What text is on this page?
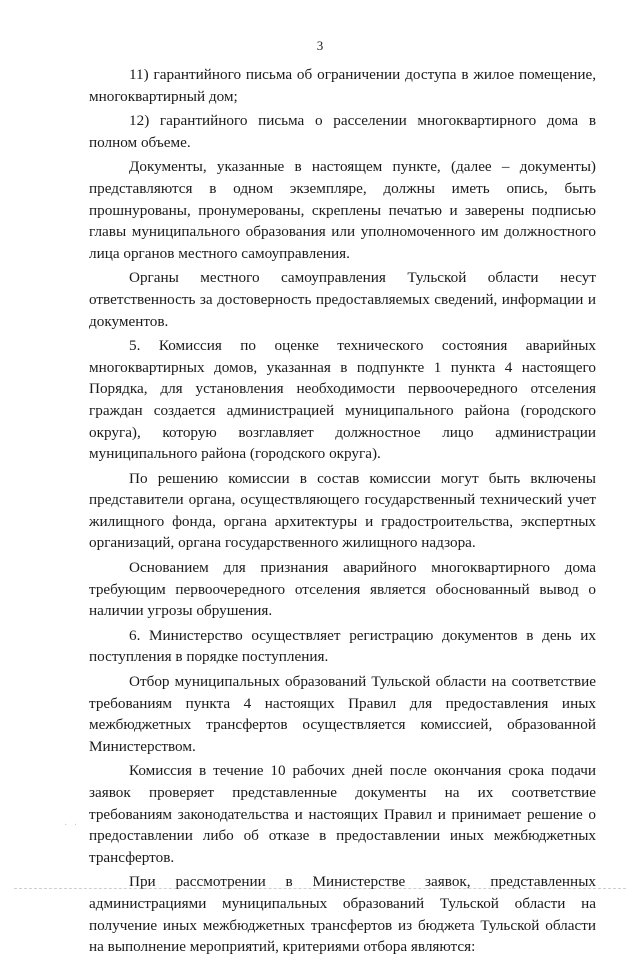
3

11) гарантийного письма об ограничении доступа в жилое помещение, многоквартирный дом;

12) гарантийного письма о расселении многоквартирного дома в полном объеме.

Документы, указанные в настоящем пункте, (далее – документы) представляются в одном экземпляре, должны иметь опись, быть прошнурованы, пронумерованы, скреплены печатью и заверены подписью главы муниципального образования или уполномоченного им должностного лица органов местного самоуправления.

Органы местного самоуправления Тульской области несут ответственность за достоверность предоставляемых сведений, информации и документов.

5. Комиссия по оценке технического состояния аварийных многоквартирных домов, указанная в подпункте 1 пункта 4 настоящего Порядка, для установления необходимости первоочередного отселения граждан создается администрацией муниципального района (городского округа), которую возглавляет должностное лицо администрации муниципального района (городского округа).

По решению комиссии в состав комиссии могут быть включены представители органа, осуществляющего государственный технический учет жилищного фонда, органа архитектуры и градостроительства, экспертных организаций, органа государственного жилищного надзора.

Основанием для признания аварийного многоквартирного дома требующим первоочередного отселения является обоснованный вывод о наличии угрозы обрушения.

6. Министерство осуществляет регистрацию документов в день их поступления в порядке поступления.

Отбор муниципальных образований Тульской области на соответствие требованиям пункта 4 настоящих Правил для предоставления иных межбюджетных трансфертов осуществляется комиссией, образованной Министерством.

Комиссия в течение 10 рабочих дней после окончания срока подачи заявок проверяет представленные документы на их соответствие требованиям законодательства и настоящих Правил и принимает решение о предоставлении либо об отказе в предоставлении иных межбюджетных трансфертов.

При рассмотрении в Министерстве заявок, представленных администрациями муниципальных образований Тульской области на получение иных межбюджетных трансфертов из бюджета Тульской области на выполнение мероприятий, критериями отбора являются:

· ·
